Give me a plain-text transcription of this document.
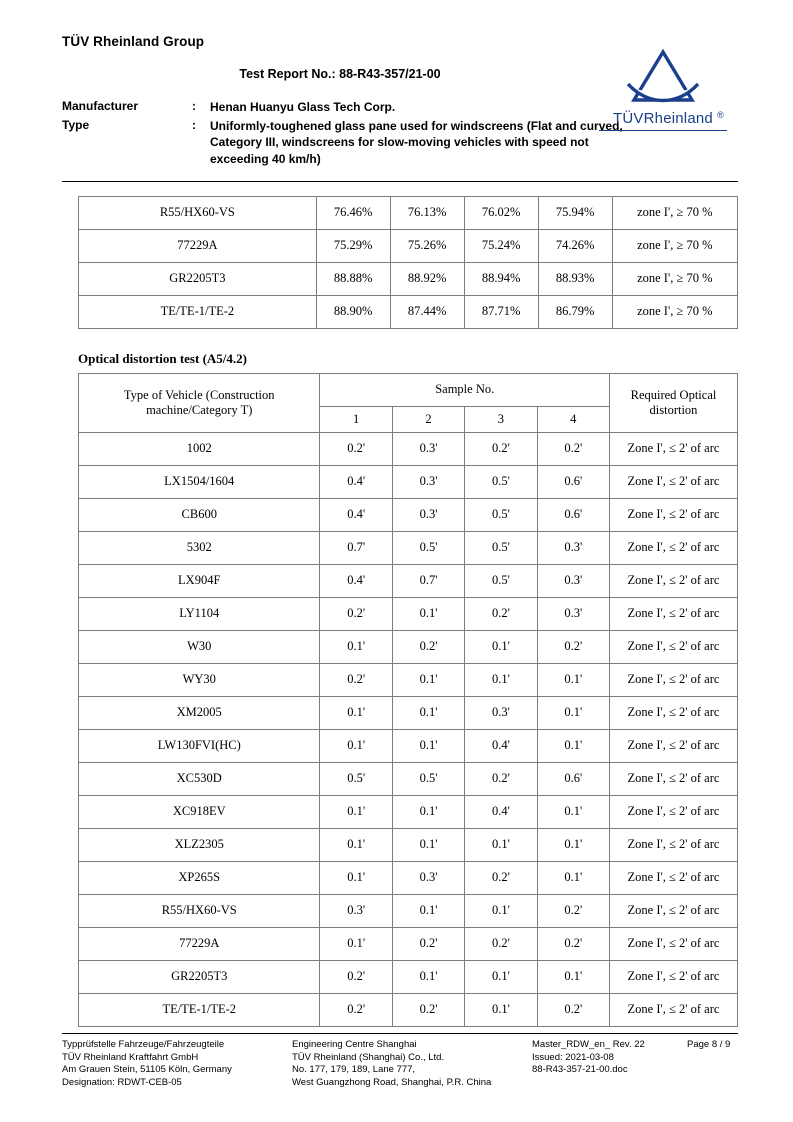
TÜV Rheinland Group
Test Report No.: 88-R43-357/21-00
Manufacturer	:	Henan Huanyu Glass Tech Corp.
Type	:	Uniformly-toughened glass pane used for windscreens (Flat and curved, Category III, windscreens for slow-moving vehicles with speed not exceeding 40 km/h)
TÜVRheinland ®
R55/HX60-VS	76.46%	76.13%	76.02%	75.94%	zone I', ≥ 70 %
77229A	75.29%	75.26%	75.24%	74.26%	zone I', ≥ 70 %
GR2205T3	88.88%	88.92%	88.94%	88.93%	zone I', ≥ 70 %
TE/TE-1/TE-2	88.90%	87.44%	87.71%	86.79%	zone I', ≥ 70 %
Optical distortion test (A5/4.2)
Type of Vehicle (Construction machine/Category T)	Sample No.				Required Optical distortion
	1	2	3	4	
1002	0.2'	0.3'	0.2'	0.2'	Zone I', ≤ 2' of arc
LX1504/1604	0.4'	0.3'	0.5'	0.6'	Zone I', ≤ 2' of arc
CB600	0.4'	0.3'	0.5'	0.6'	Zone I', ≤ 2' of arc
5302	0.7'	0.5'	0.5'	0.3'	Zone I', ≤ 2' of arc
LX904F	0.4'	0.7'	0.5'	0.3'	Zone I', ≤ 2' of arc
LY1104	0.2'	0.1'	0.2'	0.3'	Zone I', ≤ 2' of arc
W30	0.1'	0.2'	0.1'	0.2'	Zone I', ≤ 2' of arc
WY30	0.2'	0.1'	0.1'	0.1'	Zone I', ≤ 2' of arc
XM2005	0.1'	0.1'	0.3'	0.1'	Zone I', ≤ 2' of arc
LW130FVI(HC)	0.1'	0.1'	0.4'	0.1'	Zone I', ≤ 2' of arc
XC530D	0.5'	0.5'	0.2'	0.6'	Zone I', ≤ 2' of arc
XC918EV	0.1'	0.1'	0.4'	0.1'	Zone I', ≤ 2' of arc
XLZ2305	0.1'	0.1'	0.1'	0.1'	Zone I', ≤ 2' of arc
XP265S	0.1'	0.3'	0.2'	0.1'	Zone I', ≤ 2' of arc
R55/HX60-VS	0.3'	0.1'	0.1'	0.2'	Zone I', ≤ 2' of arc
77229A	0.1'	0.2'	0.2'	0.2'	Zone I', ≤ 2' of arc
GR2205T3	0.2'	0.1'	0.1'	0.1'	Zone I', ≤ 2' of arc
TE/TE-1/TE-2	0.2'	0.2'	0.1'	0.2'	Zone I', ≤ 2' of arc
Typprüfstelle Fahrzeuge/Fahrzeugteile
TÜV Rheinland Kraftfahrt GmbH
Am Grauen Stein, 51105 Köln, Germany
Designation: RDWT-CEB-05
Engineering Centre Shanghai
TÜV Rheinland (Shanghai) Co., Ltd.
No. 177, 179, 189, Lane 777,
West Guangzhong Road, Shanghai, P.R. China
Master_RDW_en_ Rev. 22
Issued: 2021-03-08
88-R43-357-21-00.doc
Page 8 / 9
